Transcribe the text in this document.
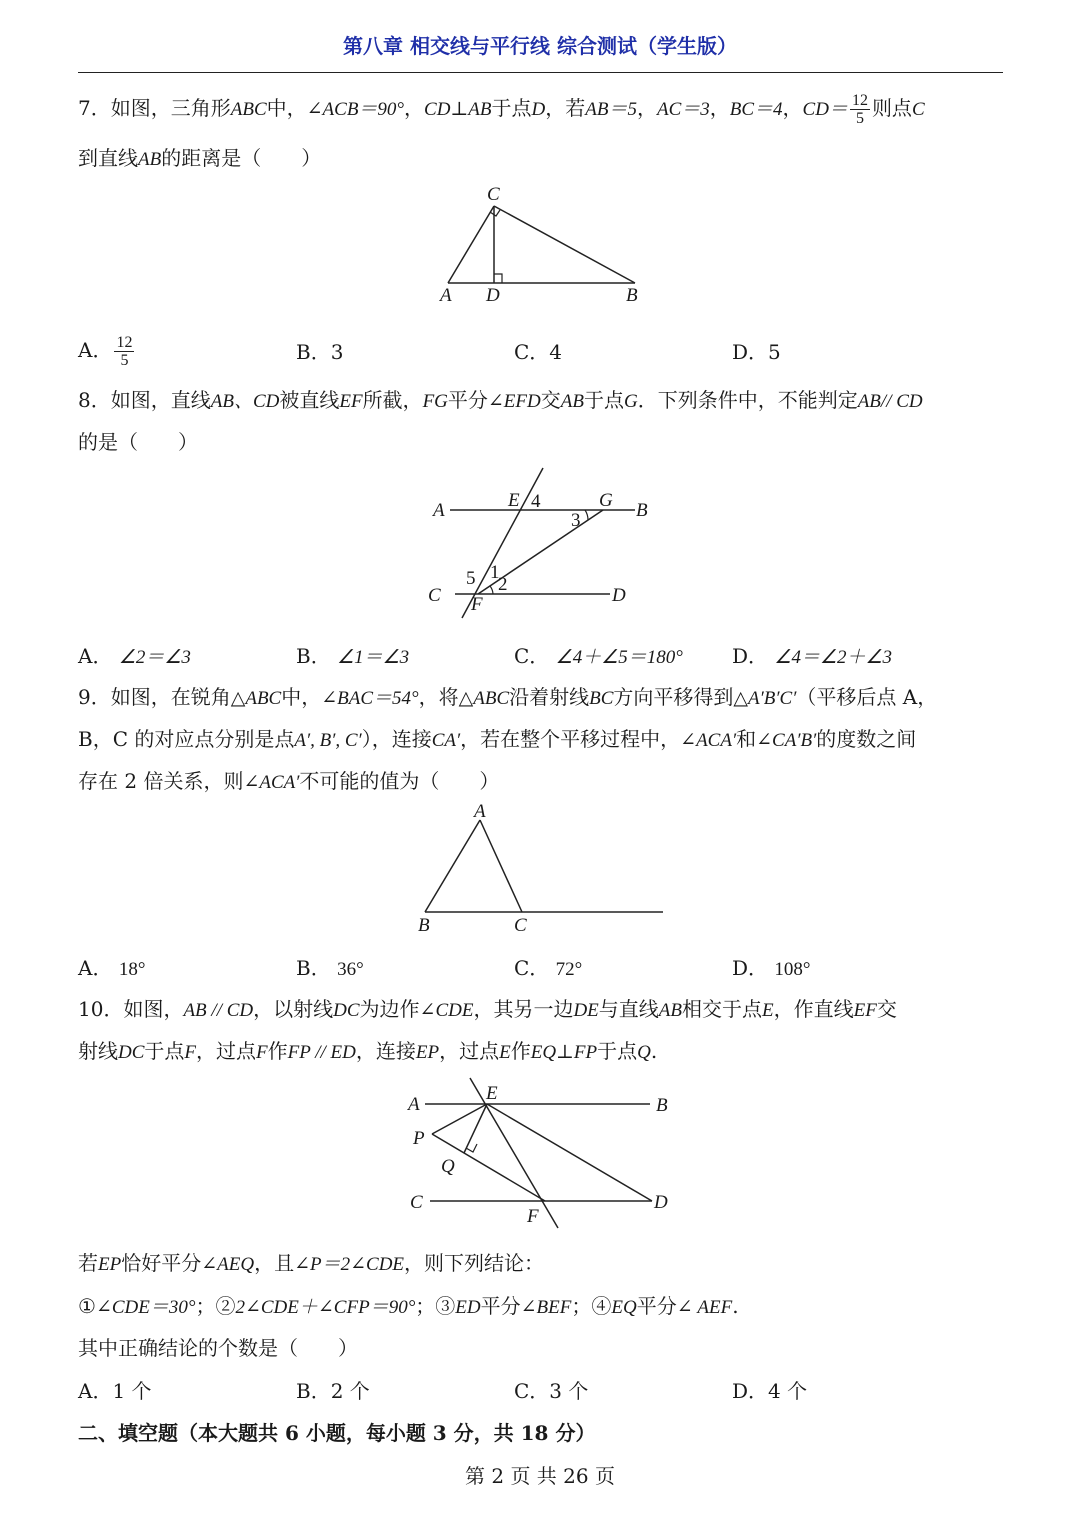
第八章 相交线与平行线 综合测试（学生版）
7．如图，三角形ABC中，∠ACB＝90°，CD⊥AB于点D，若AB＝5，AC＝3，BC＝4，$CD= \frac{12}{5}$ 则点C
到直线AB的距离是（　　）
C
A D	B
A． $\frac{12}{5}$	B．3	C．4	D．5
8．如图，直线AB、CD被直线EF所截，FG平分∠EFD交AB于点G．下列条件中，不能判定AB// CD
的是（　　）
A	E 4	G B
3
5 1
2
C F	D
A． ∠2＝∠3	B． ∠1＝∠3	C． ∠4＋∠5＝180° D． ∠4＝∠2＋∠3
9．如图，在锐角△ABC中，∠BAC＝54°，将△ABC沿着射线BC方向平移得到△A′B′C′（平移后点 A，
B，C 的对应点分别是点A′, B′, C′），连接CA′，若在整个平移过程中，∠ACA′和∠CA′B′的度数之间
存在 2 倍关系，则∠ACA′不可能的值为（　　）
A
B	C
A． 18°	B． 36°	C． 72°	D． 108°
10．如图，AB // CD，以射线DC为边作∠CDE，其另一边DE与直线AB相交于点E，作直线EF交
射线DC于点F，过点F作FP // ED，连接EP，过点E作EQ⊥FP于点Q.
A
E
B
P
Q
C
F
D
若EP恰好平分∠AEQ，且∠P＝2∠CDE，则下列结论：
①∠CDE＝30°；②2∠CDE＋∠CFP＝90°；③ED平分∠BEF；④EQ平分∠ AEF.
其中正确结论的个数是（　　）
A．1 个	B．2 个	C．3 个	D．4 个
二、填空题（本大题共 6 小题，每小题 3 分，共 18 分）
第 2 页 共 26 页
